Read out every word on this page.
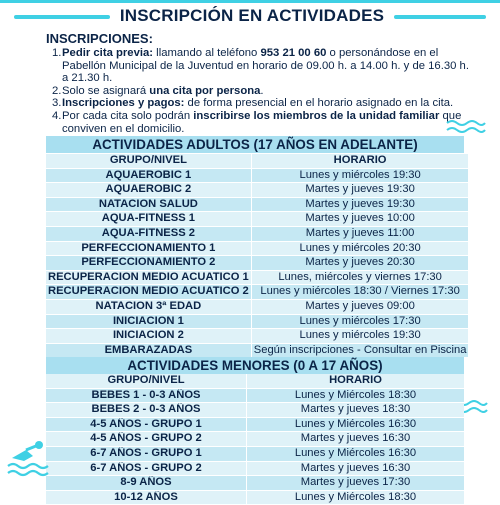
INSCRIPCIÓN EN ACTIVIDADES
INSCRIPCIONES:

1. Pedir cita previa: llamando al teléfono 953 21 00 60 o personándose en el Pabellón Municipal de la Juventud en horario de 09.00 h. a 14.00 h. y de 16.30 h. a 21.30 h.

2. Solo se asignará una cita por persona.

3. Inscripciones y pagos: de forma presencial en el horario asignado en la cita.

4. Por cada cita solo podrán inscribirse los miembros de la unidad familiar que conviven en el domicilio.

ACTIVIDADES ADULTOS (17 AÑOS EN ADELANTE)
GRUPO/NIVEL	HORARIO
AQUAEROBIC 1	Lunes y miércoles 19:30
AQUAEROBIC 2	Martes y jueves 19:30
NATACION SALUD	Martes y jueves 19:30
AQUA-FITNESS 1	Martes y jueves 10:00
AQUA-FITNESS 2	Martes y jueves 11:00
PERFECCIONAMIENTO 1	Lunes y miércoles 20:30
PERFECCIONAMIENTO 2	Martes y jueves 20:30
RECUPERACION MEDIO ACUATICO 1	Lunes, miércoles y viernes 17:30
RECUPERACION MEDIO ACUATICO 2	Lunes y miércoles 18:30 / Viernes 17:30
NATACION 3ª EDAD	Martes y jueves 09:00
INICIACION 1	Lunes y miércoles 17:30
INICIACION 2	Lunes y miércoles 19:30
EMBARAZADAS	Según inscripciones - Consultar en Piscina
ACTIVIDADES MENORES (0 A 17 AÑOS)
GRUPO/NIVEL	HORARIO
BEBES 1 - 0-3 AÑOS	Lunes y Miércoles 18:30
BEBES 2 - 0-3 AÑOS	Martes y jueves 18:30
4-5 AÑOS - GRUPO 1	Lunes y Miércoles 16:30
4-5 AÑOS - GRUPO 2	Martes y jueves 16:30
6-7 AÑOS - GRUPO 1	Lunes y Miércoles 16:30
6-7 AÑOS - GRUPO 2	Martes y jueves 16:30
8-9 AÑOS	Martes y jueves 17:30
10-12 AÑOS	Lunes y Miércoles 18:30
